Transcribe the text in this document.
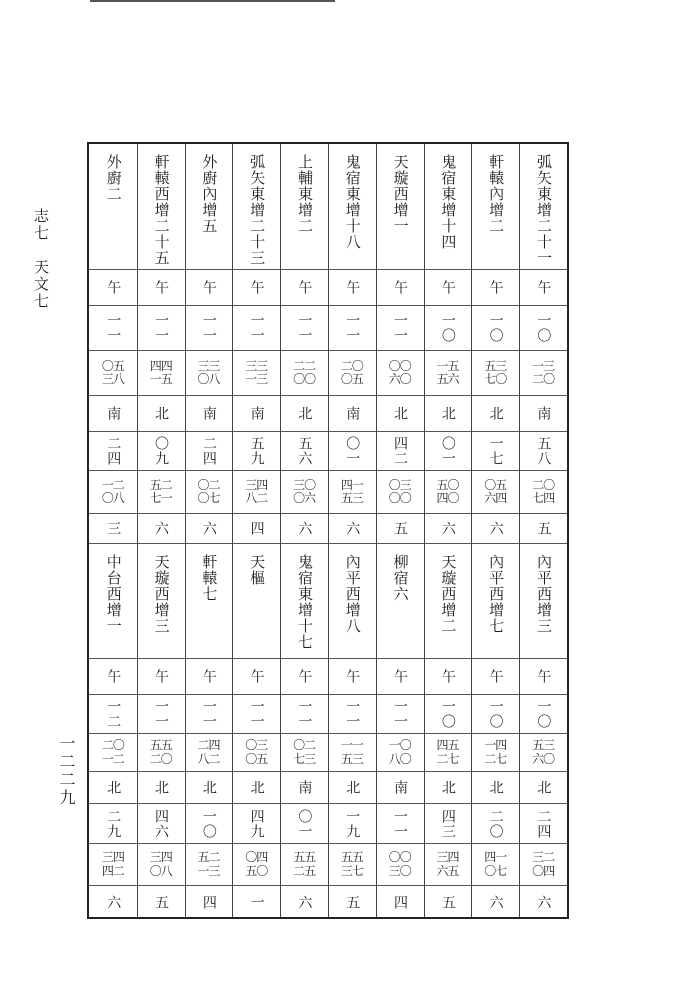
志七　天文七
一二二九
弧矢東增二十一
午
一〇
一三
二〇
南
五八
二〇
七四
五
內平西增三
午
一〇
五三
六〇
北
二四
三二
〇四
六
軒轅內增二
午
一〇
五三
七〇
北
一七
〇五
六四
六
內平西增七
午
一〇
一四
二七
北
二〇
四一
〇七
六
鬼宿東增十四
午
一〇
一五
五六
北
〇一
五〇
四〇
六
天璇西增二
午
一〇
四五
二七
北
四三
三四
六五
五
天璇西增一
午
一一
〇〇
六〇
北
四二
〇三
〇〇
五
柳宿六
午
一一
一〇
八〇
南
一一
〇〇
三〇
四
鬼宿東增十八
午
一一
二〇
〇五
南
〇一
四一
五三
六
內平西增八
午
一一
一一
五三
北
一九
五五
三七
五
上輔東增二
午
一一
二二
〇〇
北
五六
三〇
〇六
六
鬼宿東增十七
午
一一
〇二
七三
南
〇一
五五
二五
六
弧矢東增二十三
午
一一
三三
一三
南
五九
三四
八二
四
天樞
午
一一
〇三
〇五
北
四九
〇四
五〇
一
外廚內增五
午
一一
三三
〇八
南
二四
〇二
〇七
六
軒轅七
午
一一
二四
八二
北
一〇
五二
一三
四
軒轅西增二十五
午
一一
四四
一五
北
〇九
五二
七一
六
天璇西增三
午
一一
五五
二〇
北
四六
三四
〇八
五
外廚二
午
一一
〇五
三八
南
二四
一二
〇八
三
中台西增一
午
一二
二〇
一二
北
二九
三四
四二
六
